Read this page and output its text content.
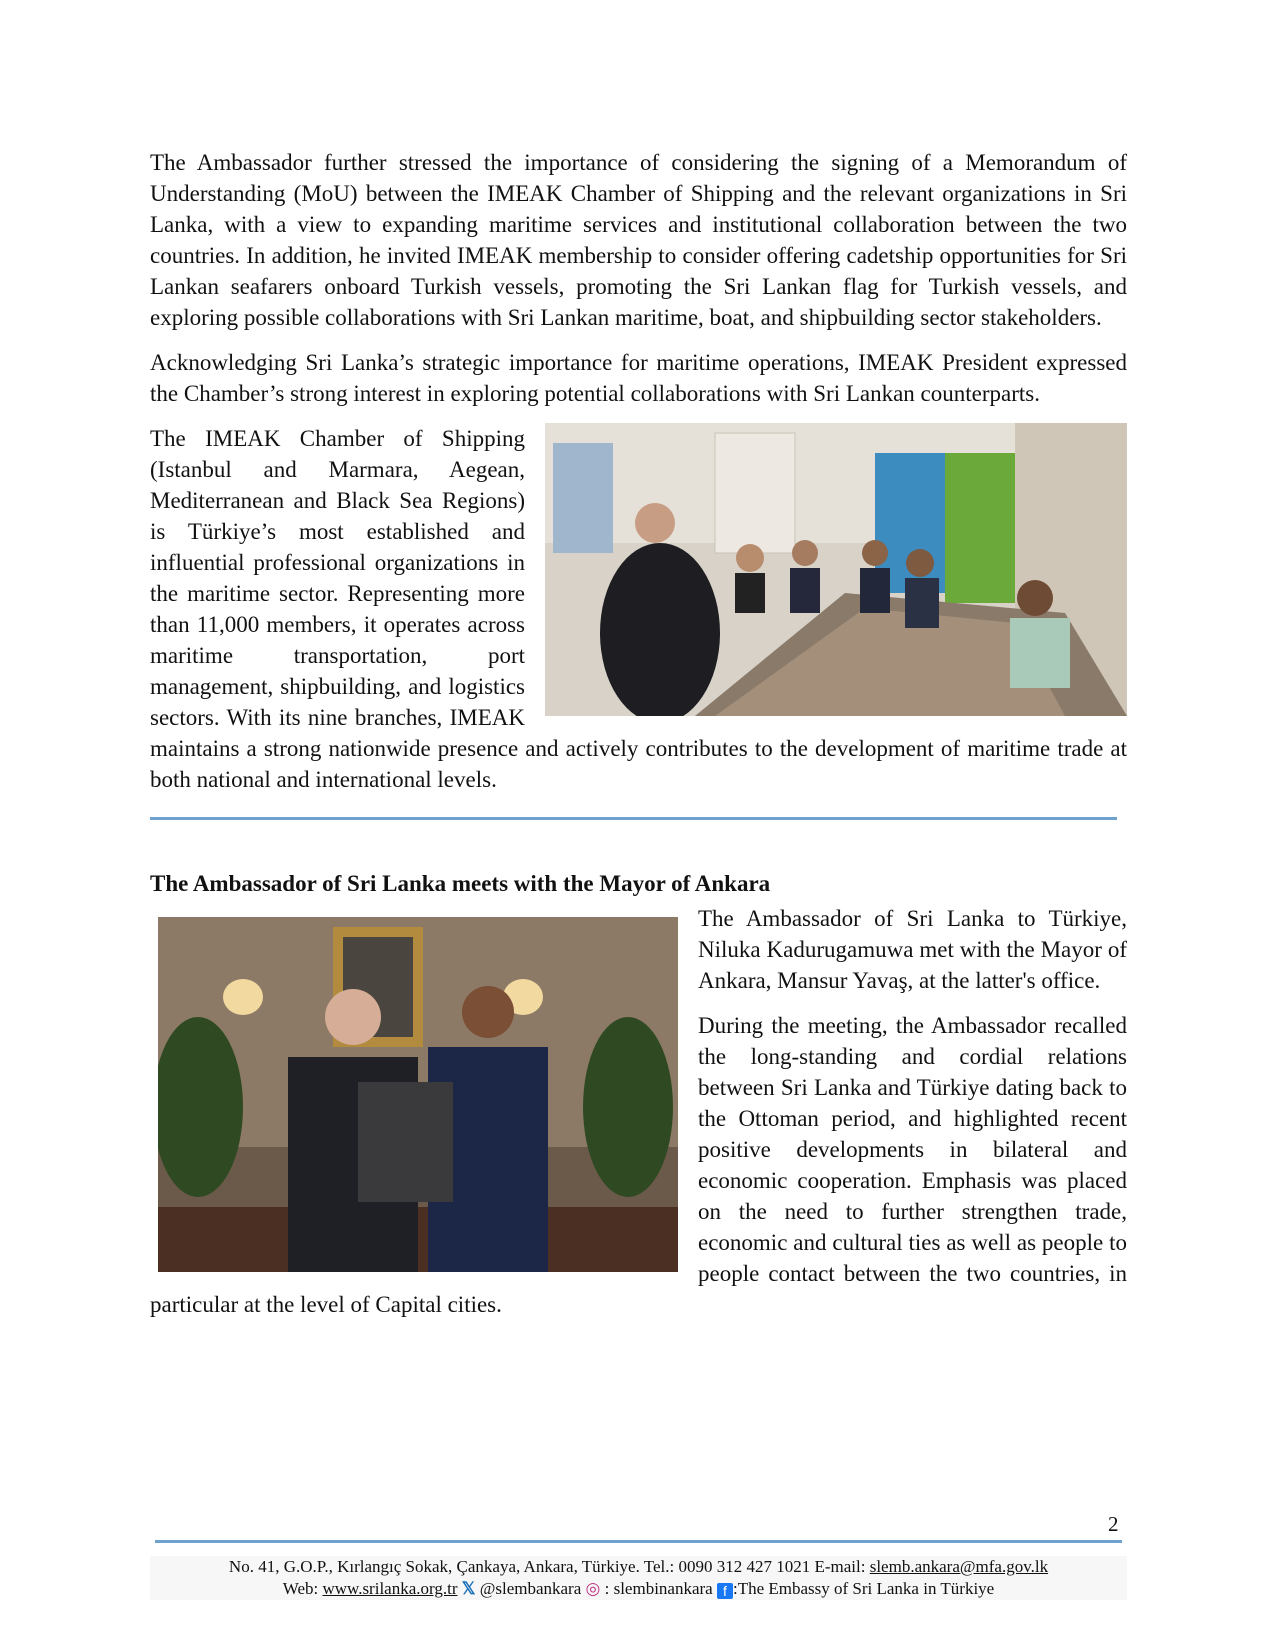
The Ambassador further stressed the importance of considering the signing of a Memorandum of Understanding (MoU) between the IMEAK Chamber of Shipping and the relevant organizations in Sri Lanka, with a view to expanding maritime services and institutional collaboration between the two countries. In addition, he invited IMEAK membership to consider offering cadetship opportunities for Sri Lankan seafarers onboard Turkish vessels, promoting the Sri Lankan flag for Turkish vessels, and exploring possible collaborations with Sri Lankan maritime, boat, and shipbuilding sector stakeholders.

Acknowledging Sri Lanka’s strategic importance for maritime operations, IMEAK President expressed the Chamber’s strong interest in exploring potential collaborations with Sri Lankan counterparts.

The IMEAK Chamber of Shipping (Istanbul and Marmara, Aegean, Mediterranean and Black Sea Regions) is Türkiye’s most established and influential professional organizations in the maritime sector. Representing more than 11,000 members, it operates across maritime transportation, port management, shipbuilding, and logistics sectors. With its nine branches, IMEAK maintains a strong nationwide presence and actively contributes to the development of maritime trade at both national and international levels.

The Ambassador of Sri Lanka meets with the Mayor of Ankara

The Ambassador of Sri Lanka to Türkiye, Niluka Kadurugamuwa met with the Mayor of Ankara, Mansur Yavaş, at the latter's office.

During the meeting, the Ambassador recalled the long-standing and cordial relations between Sri Lanka and Türkiye dating back to the Ottoman period, and highlighted recent positive developments in bilateral and economic cooperation. Emphasis was placed on the need to further strengthen trade, economic and cultural ties as well as people to people contact between the two countries, in particular at the level of Capital cities.

2
No. 41, G.O.P., Kırlangıç Sokak, Çankaya, Ankara, Türkiye. Tel.: 0090 312 427 1021 E-mail: slemb.ankara@mfa.gov.lk
Web: www.srilanka.org.tr 𝕏 @slembankara ◎ : slembinankara f :The Embassy of Sri Lanka in Türkiye
